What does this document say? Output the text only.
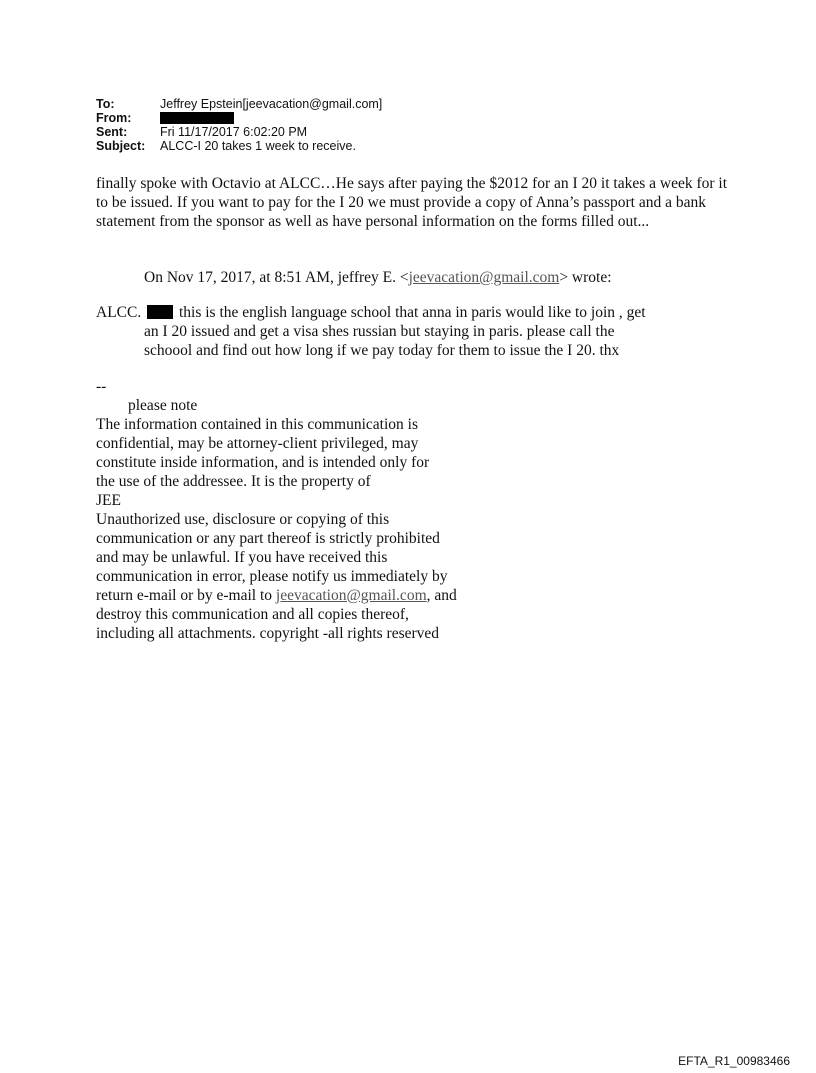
To:	Jeffrey Epstein[jeevacation@gmail.com]
From:
Sent:	Fri 11/17/2017 6:02:20 PM
Subject: ALCC-I 20 takes 1 week to receive.

finally spoke with Octavio at ALCC…He says after paying the $2012 for an I 20 it takes a week for it to be issued. If you want to pay for the I 20 we must provide a copy of Anna’s passport and a bank statement from the sponsor as well as have personal information on the forms filled out...

On Nov 17, 2017, at 8:51 AM, jeffrey E. <jeevacation@gmail.com> wrote:

ALCC. this is the english language school that anna in paris would like to join , get
an I 20 issued and get a visa shes russian but staying in paris. please call the
schoool and find out how long if we pay today for them to issue the I 20. thx
--
please note
The information contained in this communication is
confidential, may be attorney-client privileged, may
constitute inside information, and is intended only for
the use of the addressee. It is the property of
JEE
Unauthorized use, disclosure or copying of this
communication or any part thereof is strictly prohibited
and may be unlawful. If you have received this
communication in error, please notify us immediately by
return e-mail or by e-mail to jeevacation@gmail.com, and
destroy this communication and all copies thereof,
including all attachments. copyright -all rights reserved
EFTA_R1_00983466
